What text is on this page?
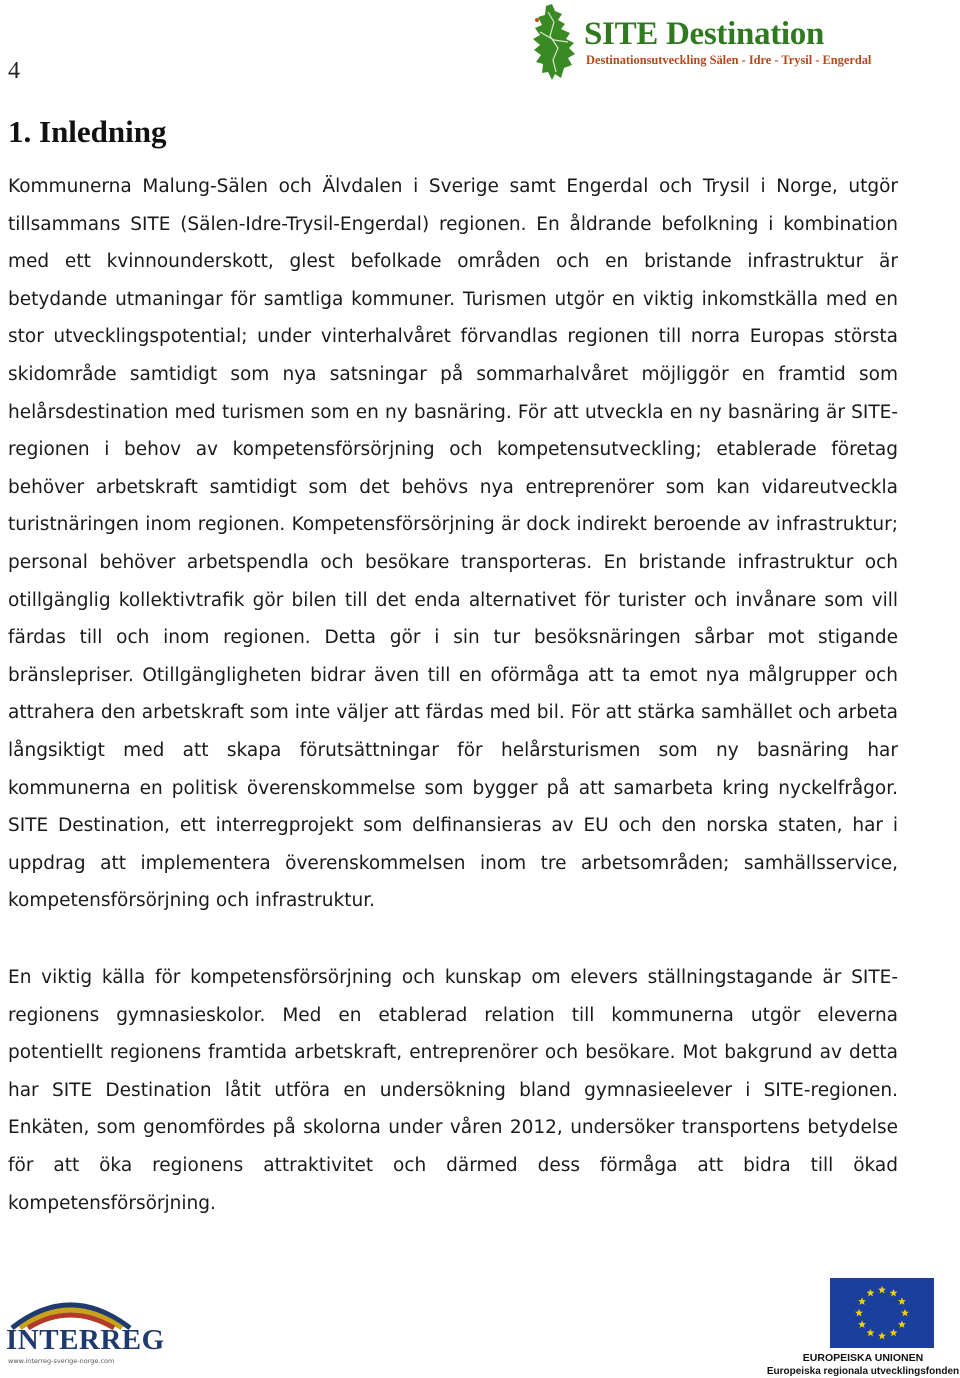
4
SITE Destination
Destinationsutveckling Sälen - Idre - Trysil - Engerdal
1. Inledning

Kommunerna Malung-Sälen och Älvdalen i Sverige samt Engerdal och Trysil i Norge, utgör tillsammans SITE (Sälen-Idre-Trysil-Engerdal) regionen. En åldrande befolkning i kombination med ett kvinnounderskott, glest befolkade områden och en bristande infrastruktur är betydande utmaningar för samtliga kommuner. Turismen utgör en viktig inkomstkälla med en stor utvecklingspotential; under vinterhalvåret förvandlas regionen till norra Europas största skidområde samtidigt som nya satsningar på sommarhalvåret möjliggör en framtid som helårsdestination med turismen som en ny basnäring. För att utveckla en ny basnäring är SITE-regionen i behov av kompetensförsörjning och kompetensutveckling; etablerade företag behöver arbetskraft samtidigt som det behövs nya entreprenörer som kan vidareutveckla turistnäringen inom regionen. Kompetensförsörjning är dock indirekt beroende av infrastruktur; personal behöver arbetspendla och besökare transporteras. En bristande infrastruktur och otillgänglig kollektivtrafik gör bilen till det enda alternativet för turister och invånare som vill färdas till och inom regionen. Detta gör i sin tur besöksnäringen sårbar mot stigande bränslepriser. Otillgängligheten bidrar även till en oförmåga att ta emot nya målgrupper och attrahera den arbetskraft som inte väljer att färdas med bil. För att stärka samhället och arbeta långsiktigt med att skapa förutsättningar för helårsturismen som ny basnäring har kommunerna en politisk överenskommelse som bygger på att samarbeta kring nyckelfrågor. SITE Destination, ett interregprojekt som delfinansieras av EU och den norska staten, har i uppdrag att implementera överenskommelsen inom tre arbetsområden; samhällsservice, kompetensförsörjning och infrastruktur.

En viktig källa för kompetensförsörjning och kunskap om elevers ställningstagande är SITE-regionens gymnasieskolor. Med en etablerad relation till kommunerna utgör eleverna potentiellt regionens framtida arbetskraft, entreprenörer och besökare. Mot bakgrund av detta har SITE Destination låtit utföra en undersökning bland gymnasieelever i SITE-regionen. Enkäten, som genomfördes på skolorna under våren 2012, undersöker transportens betydelse för att öka regionens attraktivitet och därmed dess förmåga att bidra till ökad kompetensförsörjning.

INTERREG
www.interreg-sverige-norge.com	EUROPEISKA UNIONEN
Europeiska regionala utvecklingsfonden
